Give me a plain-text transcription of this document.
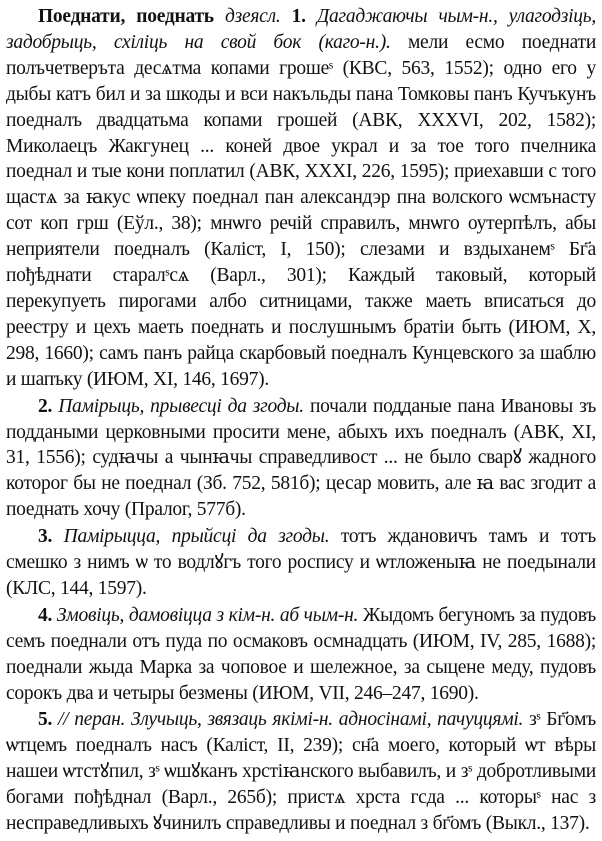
Поеднати, поеднать дзеясл. 1. Дагаджаючы чым-н., улагодзіць, задобрыць, схіліць на свой бок (каго-н.). мели есмо поеднати полъчетверъта десѧтма копами грошеˢ (КВС, 563, 1552); одно его у дыбы катъ бил и за шкоды и вси накъльды пана Томковы панъ Кучъкунъ поедналъ двадцатьма копами грошей (АВК, XXXVI, 202, 1582); Миколаецъ Жакгунец ... коней двое украл и за тое того пчелника поеднал и тые кони поплатил (АВК, XXXI, 226, 1595); приехавши с того щастѧ за ꙗкус ѡпеку поеднал пан александэр пна волского ѡсмънасту сот коп грш (Еўл., 38); мнѡго речій справилъ, мнѡго оутерпѣлъ, абы неприятели поедналъ (Каліст, I, 150); слезами и вздыханемˢ Бг҃а пођѣднати старалˢсѧ (Варл., 301); Каждый таковый, который перекупуеть пирогами албо ситницами, также маеть вписаться до реестру и цехъ маеть поеднать и послушнымъ братіи быть (ИЮМ, X, 298, 1660); самъ панъ райца скарбовый поедналъ Кунцевского за шаблю и шапъку (ИЮМ, XI, 146, 1697).

2. Памірыць, прывесці да згоды. почали подданые пана Ивановы зъ поддаными церковными просити мене, абыхъ ихъ поедналъ (АВК, XI, 31, 1556); судꙗчы а чынꙗчы справедливост ... не было сварꙋ жадного которог бы не поеднал (Зб. 752, 581б); цесар мовить, але ꙗ вас згодит а поеднать хочу (Пралог, 577б).

3. Памірыцца, прыйсці да згоды. тотъ ждановичъ тамъ и тотъ смешко з нимъ ѡ то водлꙋгъ того роспису и ѡтложеныꙗ не поедынали (КЛС, 144, 1597).

4. Змовіць, дамовіцца з кім-н. аб чым-н. Жыдомъ бегуномъ за пудовъ семъ поеднали отъ пуда по осмаковъ осмнадцать (ИЮМ, IV, 285, 1688); поеднали жыда Марка за чоповое и шележное, за сыцене меду, пудовъ сорокъ два и четыры безмены (ИЮМ, VII, 246–247, 1690).

5. // перан. Злучыць, звязаць якімі-н. адносінамі, пачуццямі. зˢ Бг҃омъ ѡтцемъ поедналъ насъ (Каліст, II, 239); сн҃а моего, который ѡт вѣры нашеи ѡтстꙋпил, зˢ ѡшꙋканъ хрстіꙗнского выбавилъ, и зˢ добротливыми богами пођѣднал (Варл., 265б); пристѧ хрста гсда ... которыˢ нас з несправедливыхъ ꙋчинилъ справедливы и поеднал з бг҃омъ (Выкл., 137).
